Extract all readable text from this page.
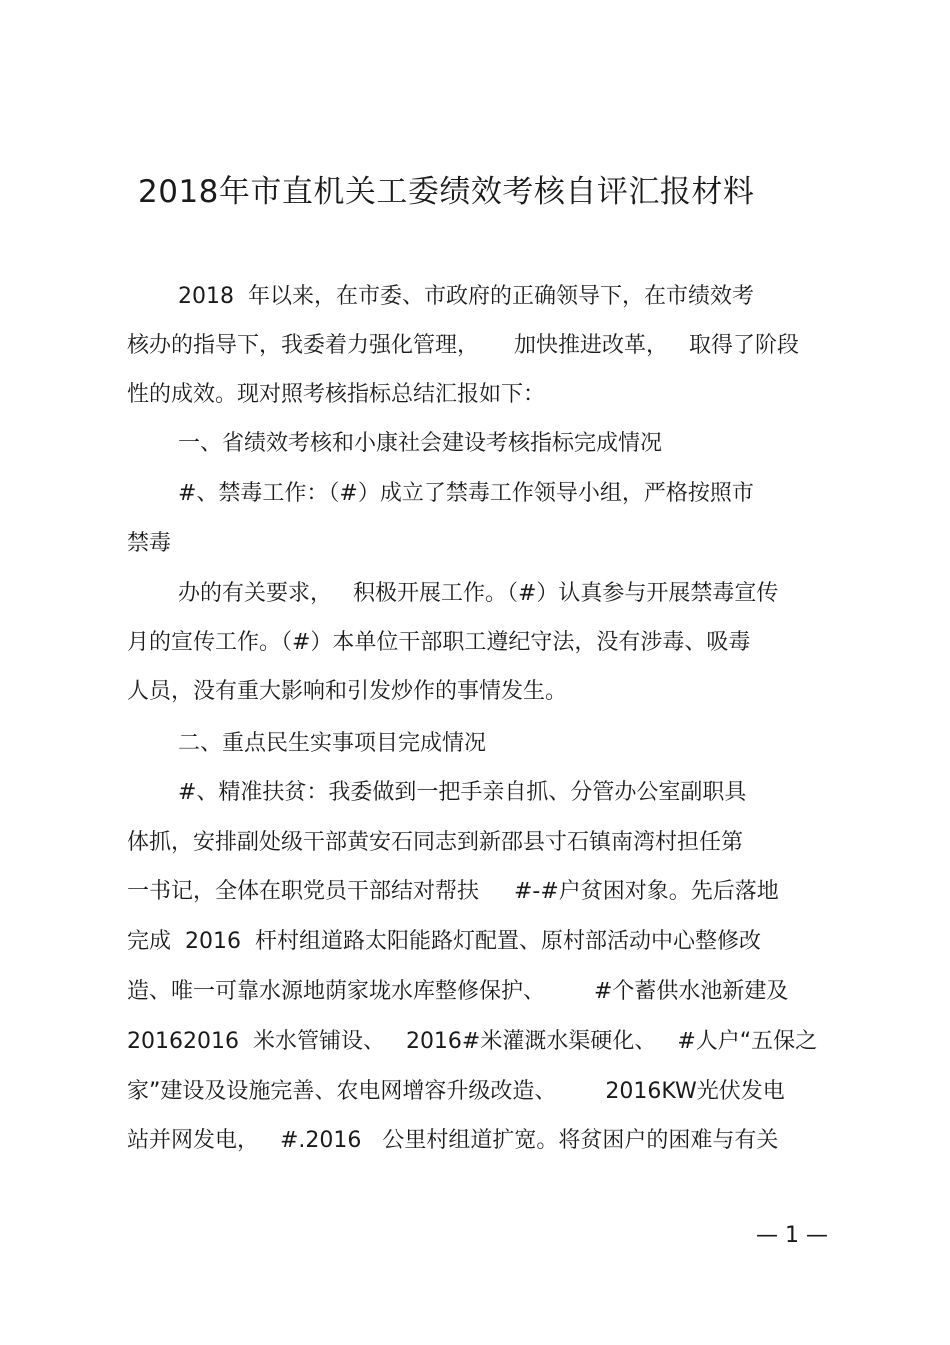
2018年市直机关工委绩效考核自评汇报材料
2018  年以来，在市委、市政府的正确领导下，在市绩效考
核办的指导下，我委着力强化管理，     加快推进改革，   取得了阶段
性的成效。现对照考核指标总结汇报如下：
一、省绩效考核和小康社会建设考核指标完成情况
#、禁毒工作：（#）成立了禁毒工作领导小组，严格按照市
禁毒
办的有关要求，   积极开展工作。（#）认真参与开展禁毒宣传
月的宣传工作。（#）本单位干部职工遵纪守法，没有涉毒、吸毒
人员，没有重大影响和引发炒作的事情发生。
二、重点民生实事项目完成情况
#、精准扶贫：我委做到一把手亲自抓、分管办公室副职具
体抓，安排副处级干部黄安石同志到新邵县寸石镇南湾村担任第
一书记，全体在职党员干部结对帮扶     #-#户贫困对象。先后落地
完成  2016  杆村组道路太阳能路灯配置、原村部活动中心整修改
造、唯一可靠水源地荫家垅水库整修保护、       #个蓄供水池新建及
20162016  米水管铺设、   2016#米灌溉水渠硬化、   #人户“五保之
家”建设及设施完善、农电网增容升级改造、       2016KW光伏发电
站并网发电，   #.2016   公里村组道扩宽。将贫困户的困难与有关
— 1 —
